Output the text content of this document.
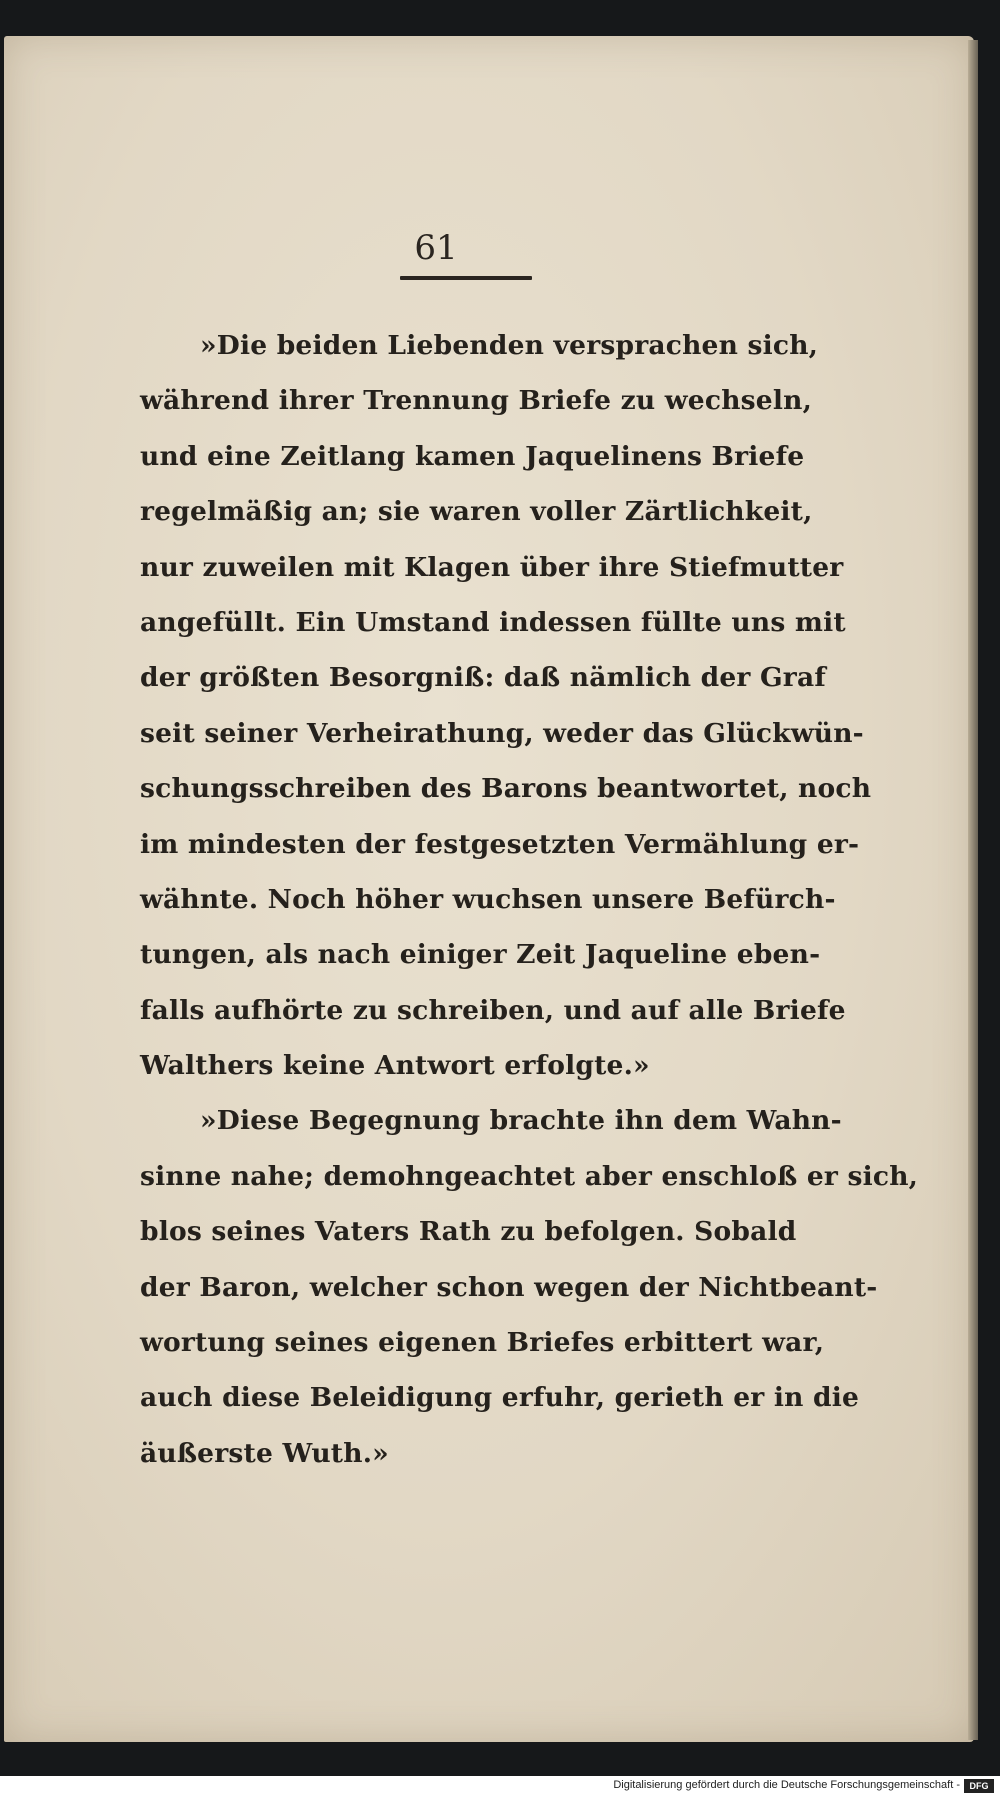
61
»Die beiden Liebenden versprachen sich,
während ihrer Trennung Briefe zu wechseln,
und eine Zeitlang kamen Jaquelinens Briefe
regelmäßig an; sie waren voller Zärtlichkeit,
nur zuweilen mit Klagen über ihre Stiefmutter
angefüllt. Ein Umstand indessen füllte uns mit
der größten Besorgniß: daß nämlich der Graf
seit seiner Verheirathung, weder das Glückwün-
schungsschreiben des Barons beantwortet, noch
im mindesten der festgesetzten Vermählung er-
wähnte. Noch höher wuchsen unsere Befürch-
tungen, als nach einiger Zeit Jaqueline eben-
falls aufhörte zu schreiben, und auf alle Briefe
Walthers keine Antwort erfolgte.»
»Diese Begegnung brachte ihn dem Wahn-
sinne nahe; demohngeachtet aber enschloß er sich,
blos seines Vaters Rath zu befolgen. Sobald
der Baron, welcher schon wegen der Nichtbeant-
wortung seines eigenen Briefes erbittert war,
auch diese Beleidigung erfuhr, gerieth er in die
äußerste Wuth.»
Digitalisierung gefördert durch die Deutsche Forschungsgemeinschaft -	DFG
